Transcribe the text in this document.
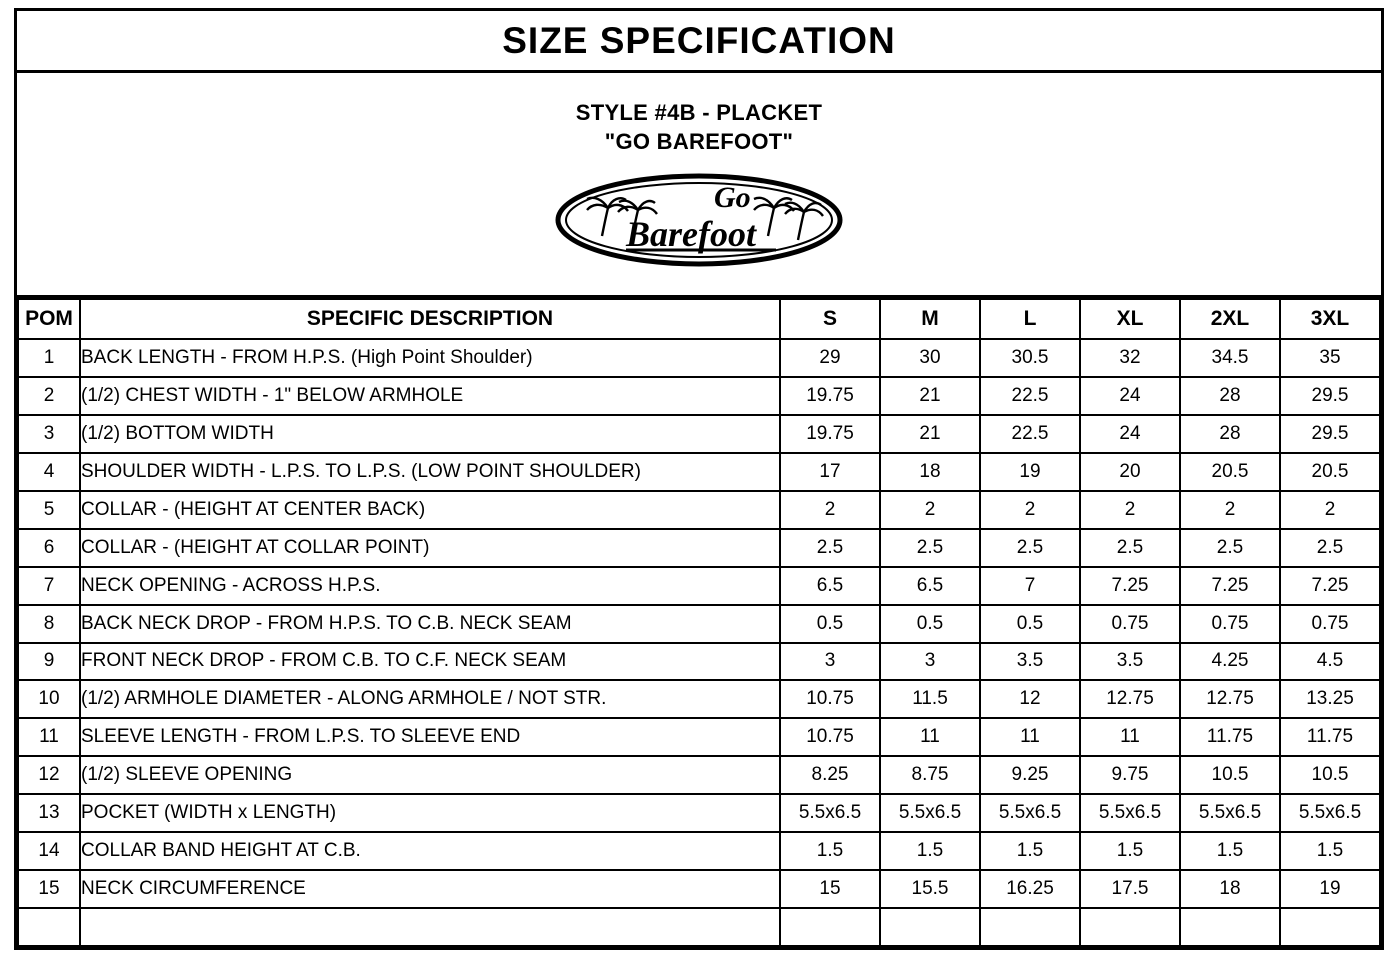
SIZE SPECIFICATION
STYLE #4B - PLACKET
"GO BAREFOOT"
Go
Barefoot
POM	SPECIFIC DESCRIPTION	S	M	L	XL	2XL	3XL
1	BACK LENGTH - FROM H.P.S. (High Point Shoulder)	29	30	30.5	32	34.5	35
2	(1/2) CHEST WIDTH - 1" BELOW ARMHOLE	19.75	21	22.5	24	28	29.5
3	(1/2) BOTTOM WIDTH	19.75	21	22.5	24	28	29.5
4	SHOULDER WIDTH - L.P.S. TO L.P.S. (LOW POINT SHOULDER)	17	18	19	20	20.5	20.5
5	COLLAR - (HEIGHT AT CENTER BACK)	2	2	2	2	2	2
6	COLLAR - (HEIGHT AT COLLAR POINT)	2.5	2.5	2.5	2.5	2.5	2.5
7	NECK OPENING - ACROSS H.P.S.	6.5	6.5	7	7.25	7.25	7.25
8	BACK NECK DROP - FROM H.P.S. TO C.B. NECK SEAM	0.5	0.5	0.5	0.75	0.75	0.75
9	FRONT NECK DROP - FROM C.B. TO C.F. NECK SEAM	3	3	3.5	3.5	4.25	4.5
10	(1/2) ARMHOLE DIAMETER - ALONG ARMHOLE / NOT STR.	10.75	11.5	12	12.75	12.75	13.25
11	SLEEVE LENGTH - FROM L.P.S. TO SLEEVE END	10.75	11	11	11	11.75	11.75
12	(1/2) SLEEVE OPENING	8.25	8.75	9.25	9.75	10.5	10.5
13	POCKET (WIDTH x LENGTH)	5.5x6.5	5.5x6.5	5.5x6.5	5.5x6.5	5.5x6.5	5.5x6.5
14	COLLAR BAND HEIGHT AT C.B.	1.5	1.5	1.5	1.5	1.5	1.5
15	NECK CIRCUMFERENCE	15	15.5	16.25	17.5	18	19
